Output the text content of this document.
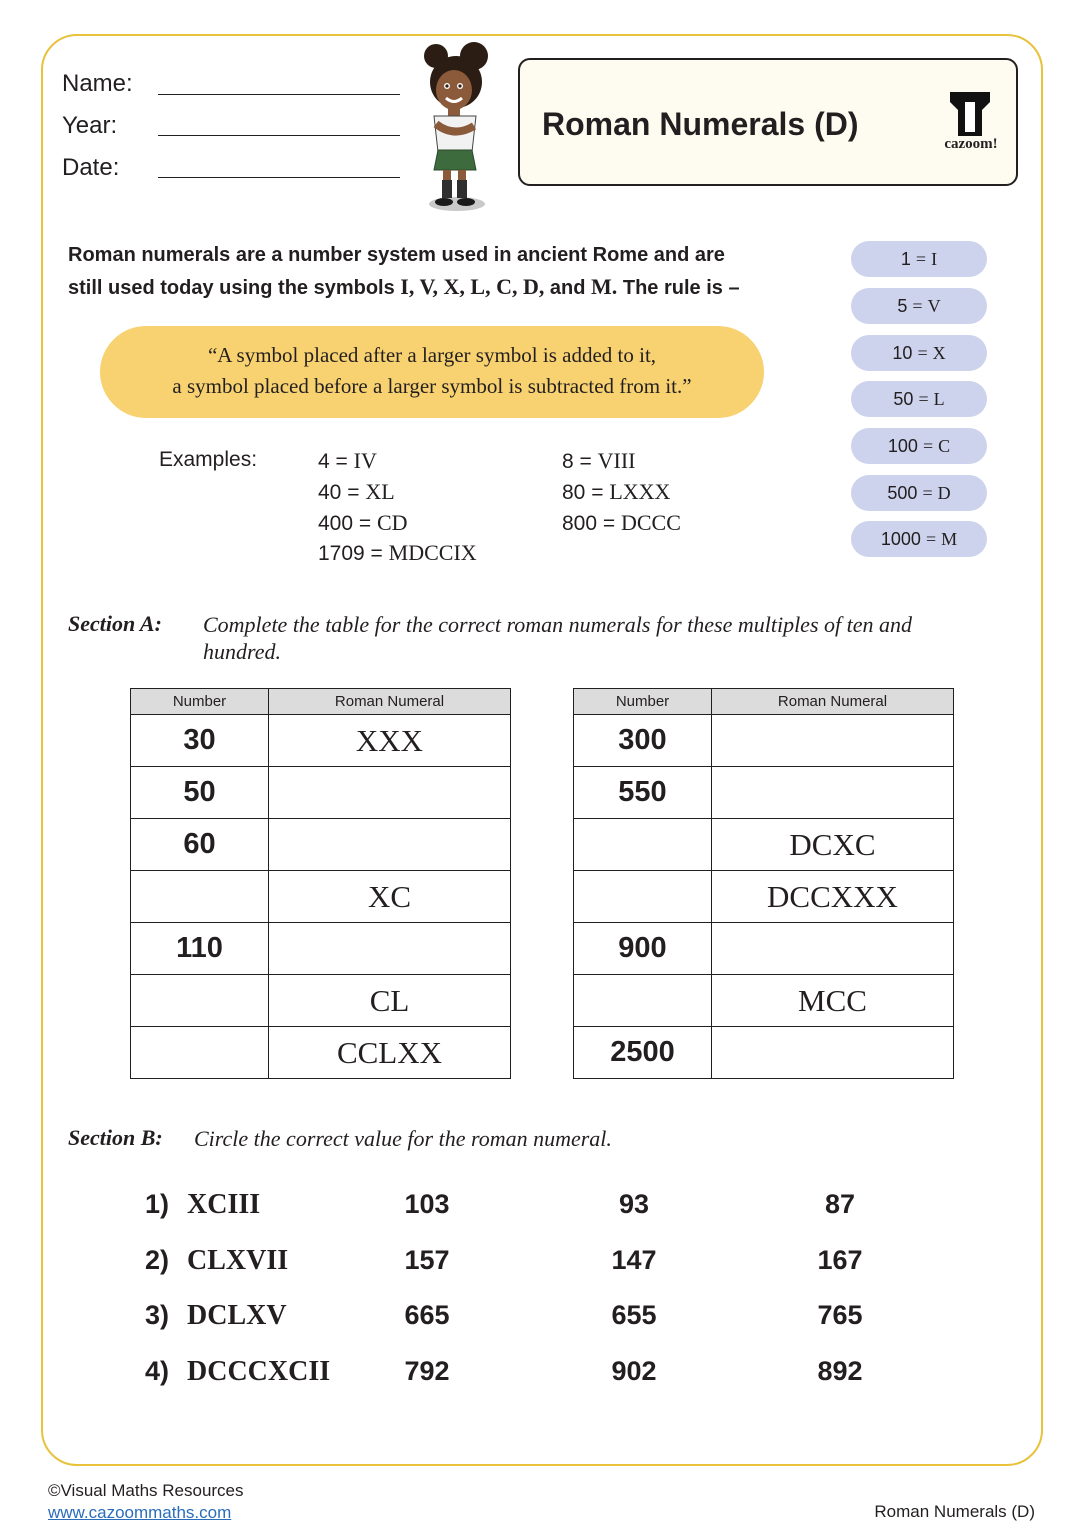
Name:
Year:
Date:
Roman Numerals (D)
cazoom!
Roman numerals are a number system used in ancient Rome and are
still used today using the symbols I, V, X, L, C, D, and M. The rule is –
“A symbol placed after a larger symbol is added to it,
a symbol placed before a larger symbol is subtracted from it.”
Examples:	4 = IV
40 = XL
400 = CD
1709 = MDCCIX
8 = VIII
80 = LXXX
800 = DCCC
1 = I
5 = V
10 = X
50 = L
100 = C
500 = D
1000 = M
Section A: Complete the table for the correct roman numerals for these multiples of ten and
hundred.
Number	Roman Numeral
30	XXX
50	
60	
	XC
110	
	CL
	CCLXX
Number	Roman Numeral
300	
550	
	DCXC
	DCCXXX
900	
	MCC
2500	
Section B: Circle the correct value for the roman numeral.
1) XCIII	103	93	87
2) CLXVII	157	147	167
3) DCLXV	665	655	765
4) DCCCXCII	792	902	892
©Visual Maths Resources
www.cazoommaths.com	Roman Numerals (D)
